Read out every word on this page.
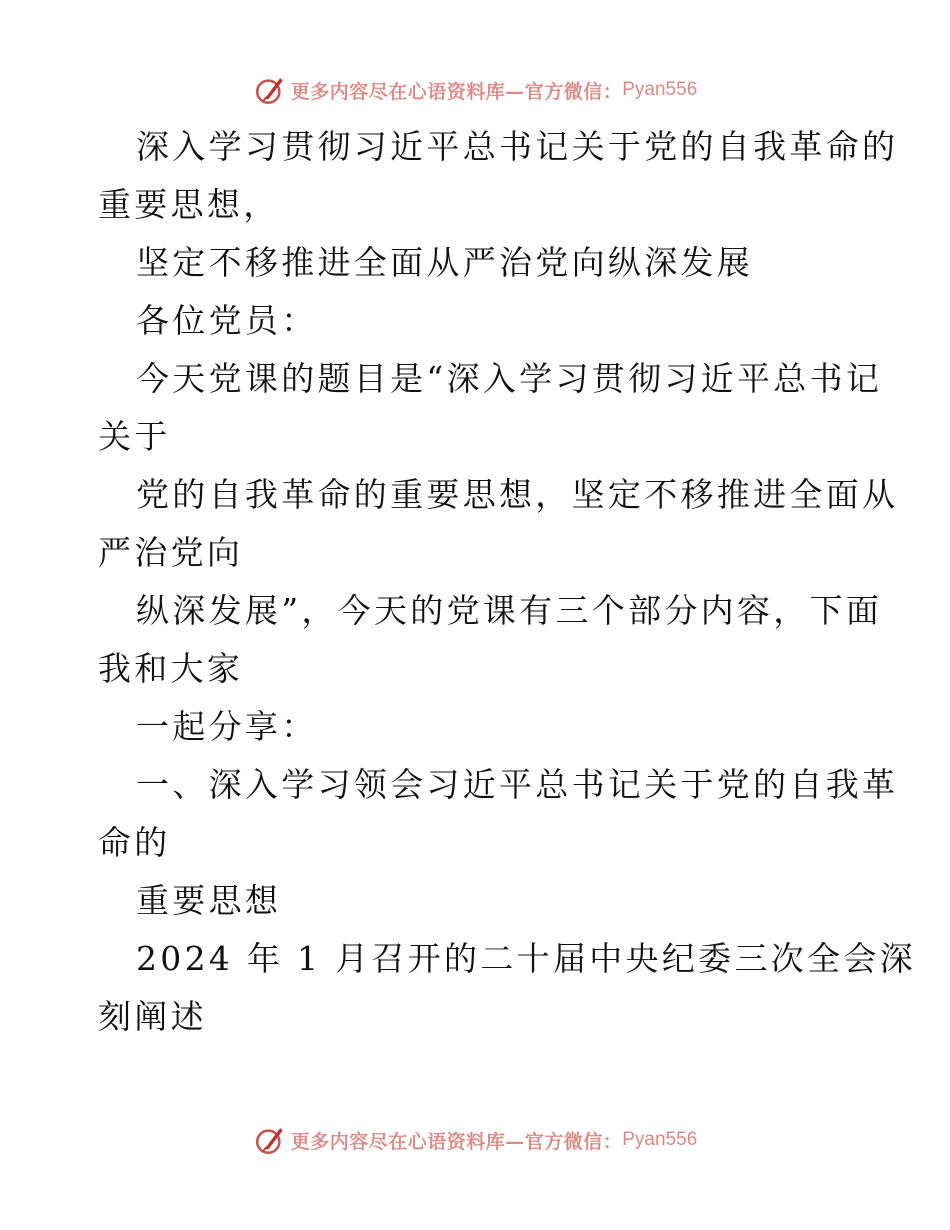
更多内容尽在心语资料库—官方微信： Pyan556
深入学习贯彻习近平总书记关于党的自我革命的
重要思想，
坚定不移推进全面从严治党向纵深发展
各位党员：
今天党课的题目是“深入学习贯彻习近平总书记
关于
党的自我革命的重要思想，坚定不移推进全面从
严治党向
纵深发展”，今天的党课有三个部分内容，下面
我和大家
一起分享：
一、深入学习领会习近平总书记关于党的自我革
命的
重要思想
2024 年 1 月召开的二十届中央纪委三次全会深
刻阐述
更多内容尽在心语资料库—官方微信： Pyan556
